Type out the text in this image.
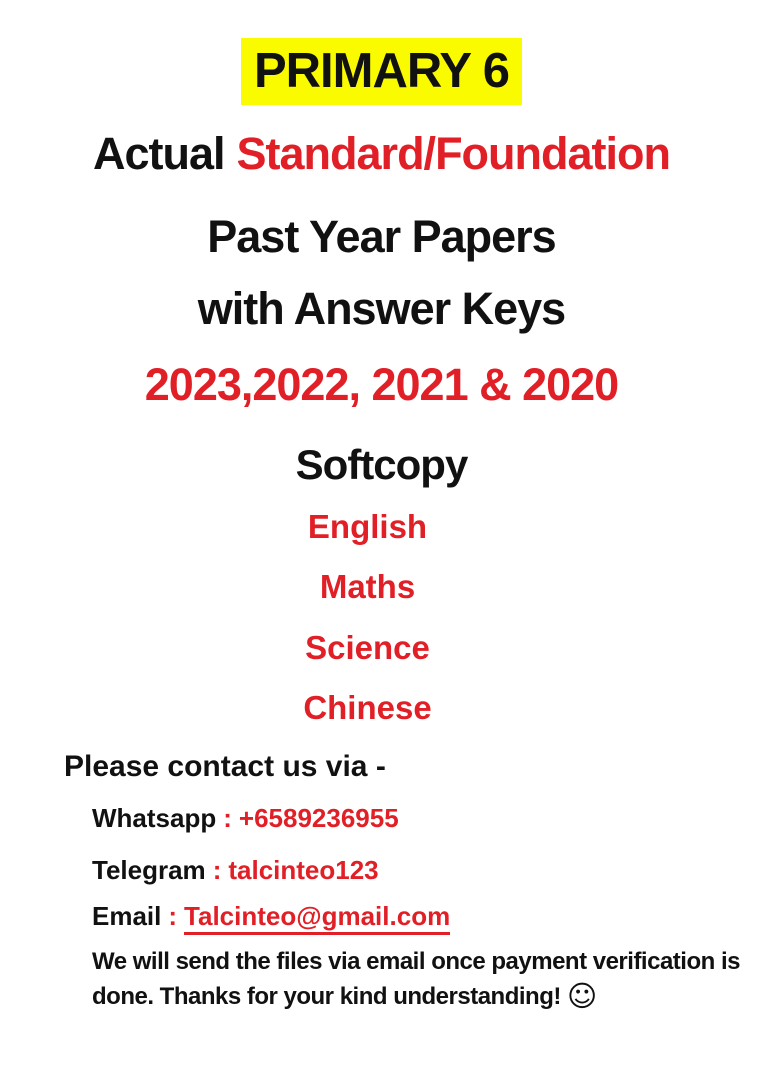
PRIMARY 6
Actual Standard/Foundation
Past Year Papers
with Answer Keys
2023,2022, 2021 & 2020
Softcopy
English
Maths
Science
Chinese
Please contact us via -
Whatsapp : +6589236955
Telegram : talcinteo123
Email : Talcinteo@gmail.com
We will send the files via email once payment verification is
done. Thanks for your kind understanding! ☺
